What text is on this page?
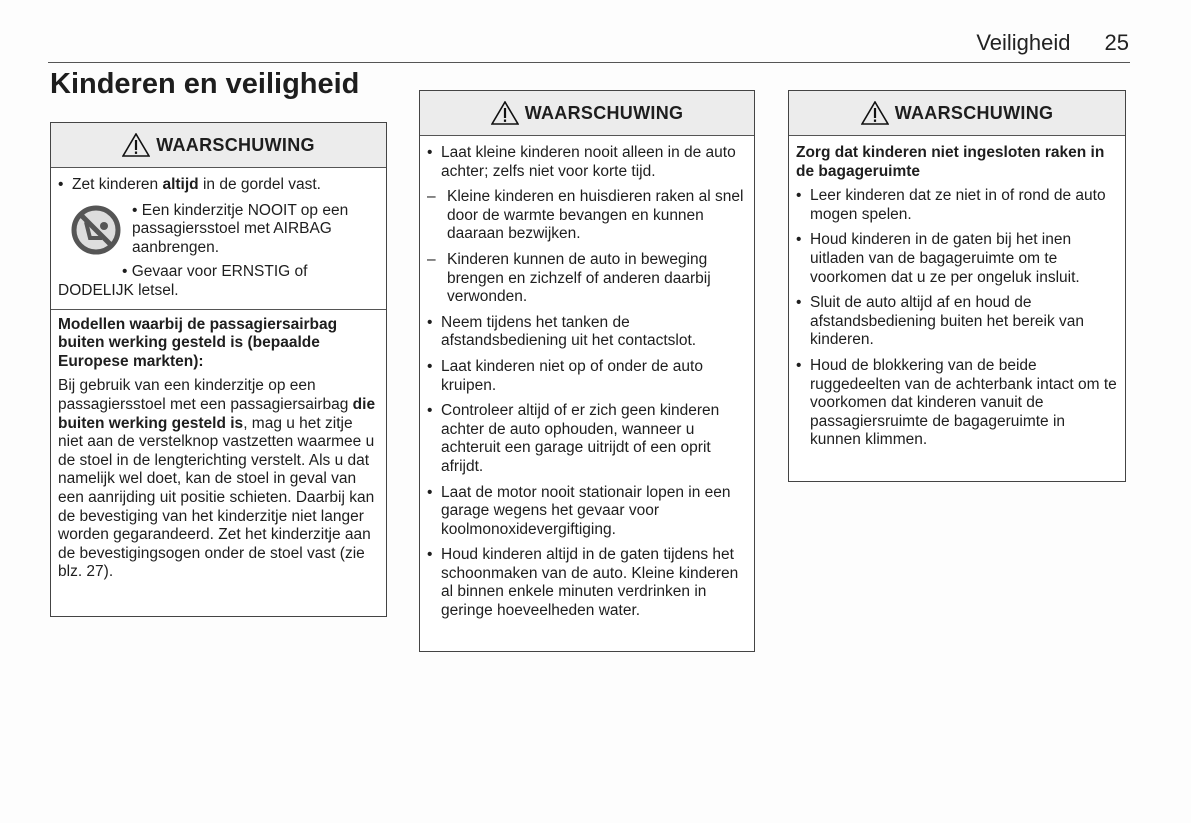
Veiligheid 25
Kinderen en veiligheid
WAARSCHUWING
• Zet kinderen altijd in de gordel vast.

• Een kinderzitje NOOIT op een passagiersstoel met AIRBAG aanbrengen.

• Gevaar voor ERNSTIG of DODELIJK letsel.

Modellen waarbij de passagiersairbag buiten werking gesteld is (bepaalde Europese markten):

Bij gebruik van een kinderzitje op een passagiersstoel met een passagiersairbag die buiten werking gesteld is, mag u het zitje niet aan de verstelknop vastzetten waarmee u de stoel in de lengterichting verstelt. Als u dat namelijk wel doet, kan de stoel in geval van een aanrijding uit positie schieten. Daarbij kan de bevestiging van het kinderzitje niet langer worden gegarandeerd. Zet het kinderzitje aan de bevestigingsogen onder de stoel vast (zie blz. 27).

WAARSCHUWING
• Laat kleine kinderen nooit alleen in de auto achter; zelfs niet voor korte tijd.
– Kleine kinderen en huisdieren raken al snel door de warmte bevangen en kunnen daaraan bezwijken.
– Kinderen kunnen de auto in beweging brengen en zichzelf of anderen daarbij verwonden.
• Neem tijdens het tanken de afstandsbediening uit het contactslot.
• Laat kinderen niet op of onder de auto kruipen.
• Controleer altijd of er zich geen kinderen achter de auto ophouden, wanneer u achteruit een garage uitrijdt of een oprit afrijdt.
• Laat de motor nooit stationair lopen in een garage wegens het gevaar voor koolmonoxidevergiftiging.
• Houd kinderen altijd in de gaten tijdens het schoonmaken van de auto. Kleine kinderen al binnen enkele minuten verdrinken in geringe hoeveelheden water.
WAARSCHUWING
Zorg dat kinderen niet ingesloten raken in de bagageruimte
• Leer kinderen dat ze niet in of rond de auto mogen spelen.
• Houd kinderen in de gaten bij het inen uitladen van de bagageruimte om te voorkomen dat u ze per ongeluk insluit.
• Sluit de auto altijd af en houd de afstandsbediening buiten het bereik van kinderen.
• Houd de blokkering van de beide ruggedeelten van de achterbank intact om te voorkomen dat kinderen vanuit de passagiersruimte de bagageruimte in kunnen klimmen.
